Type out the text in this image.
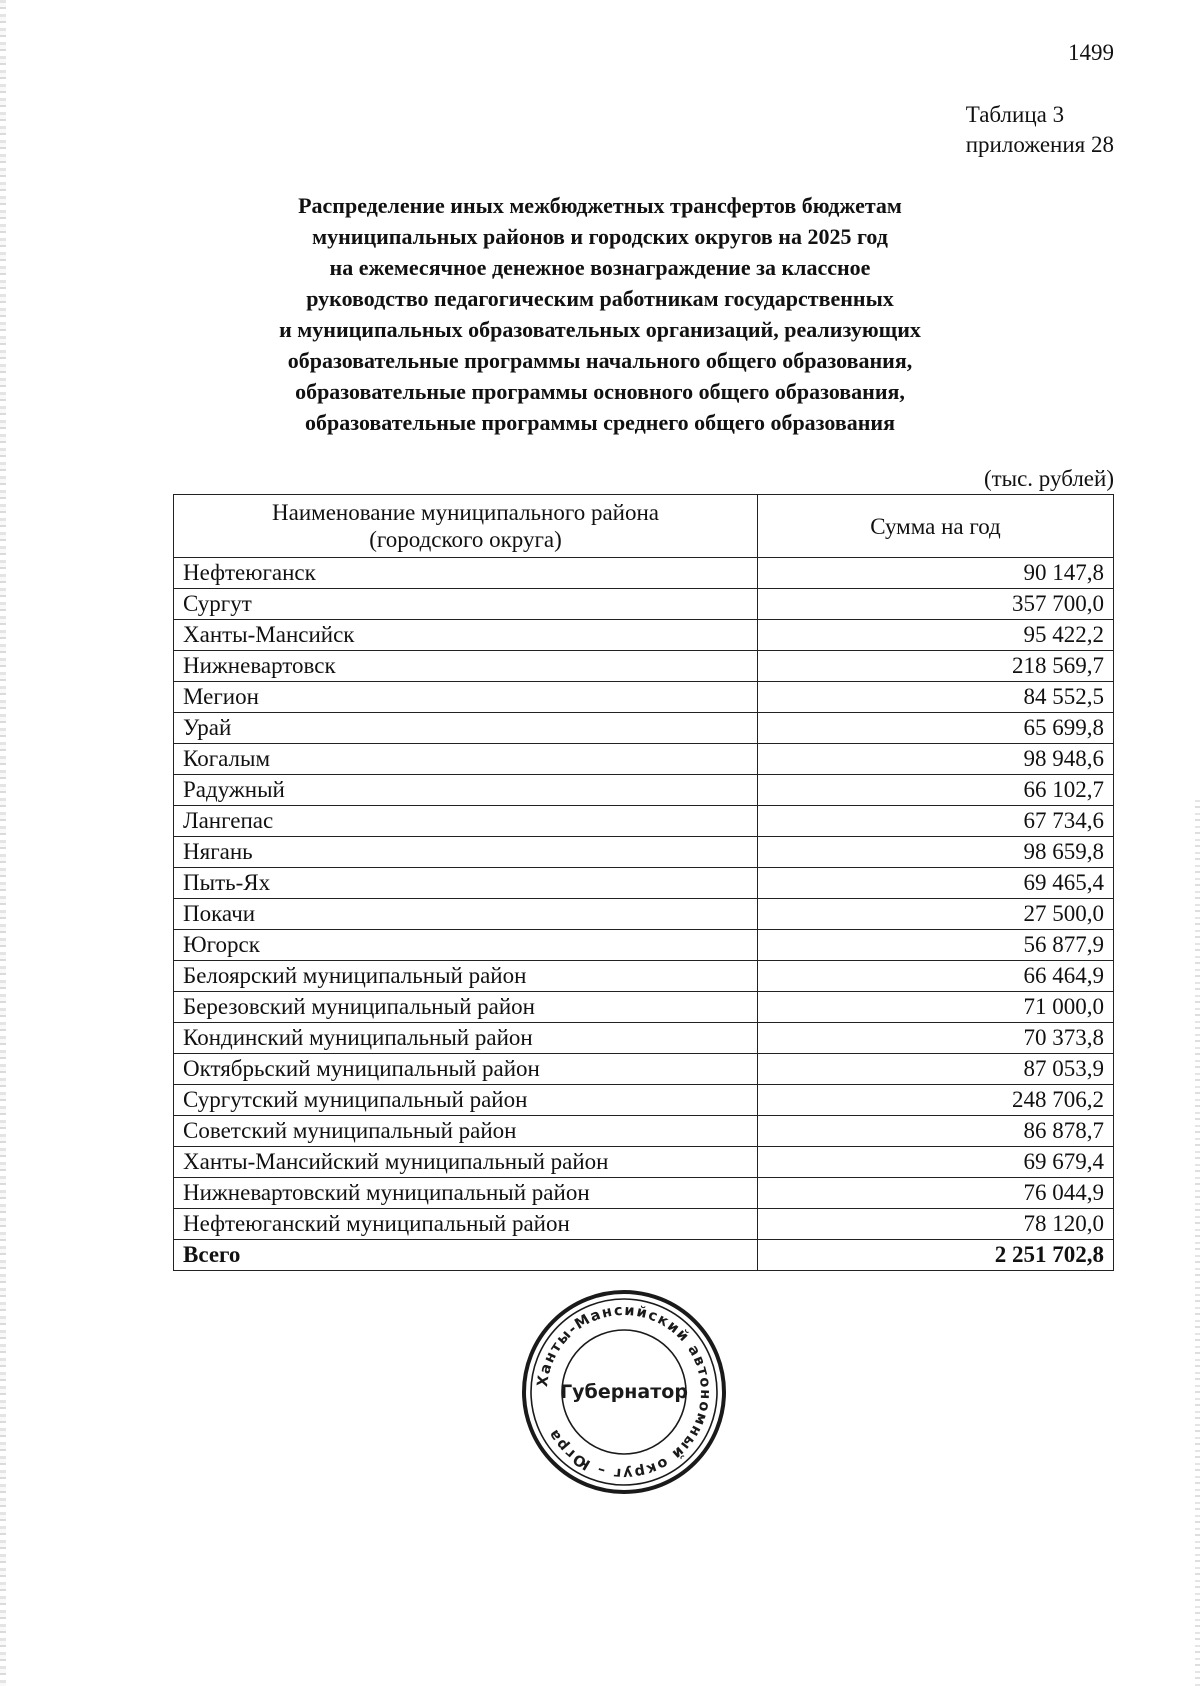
1499
Таблица 3
приложения 28
Распределение иных межбюджетных трансфертов бюджетам
муниципальных районов и городских округов на 2025 год
на ежемесячное денежное вознаграждение за классное
руководство педагогическим работникам государственных
и муниципальных образовательных организаций, реализующих
образовательные программы начального общего образования,
образовательные программы основного общего образования,
образовательные программы среднего общего образования
(тыс. рублей)
Наименование муниципального района
(городского округа)	Сумма на год
Нефтеюганск	90 147,8
Сургут	357 700,0
Ханты-Мансийск	95 422,2
Нижневартовск	218 569,7
Мегион	84 552,5
Урай	65 699,8
Когалым	98 948,6
Радужный	66 102,7
Лангепас	67 734,6
Нягань	98 659,8
Пыть-Ях	69 465,4
Покачи	27 500,0
Югорск	56 877,9
Белоярский муниципальный район	66 464,9
Березовский муниципальный район	71 000,0
Кондинский муниципальный район	70 373,8
Октябрьский муниципальный район	87 053,9
Сургутский муниципальный район	248 706,2
Советский муниципальный район	86 878,7
Ханты-Мансийский муниципальный район	69 679,4
Нижневартовский муниципальный район	76 044,9
Нефтеюганский муниципальный район	78 120,0
Всего	2 251 702,8
Ханты-Мансийский автономный округ – Югра
Губернатор
